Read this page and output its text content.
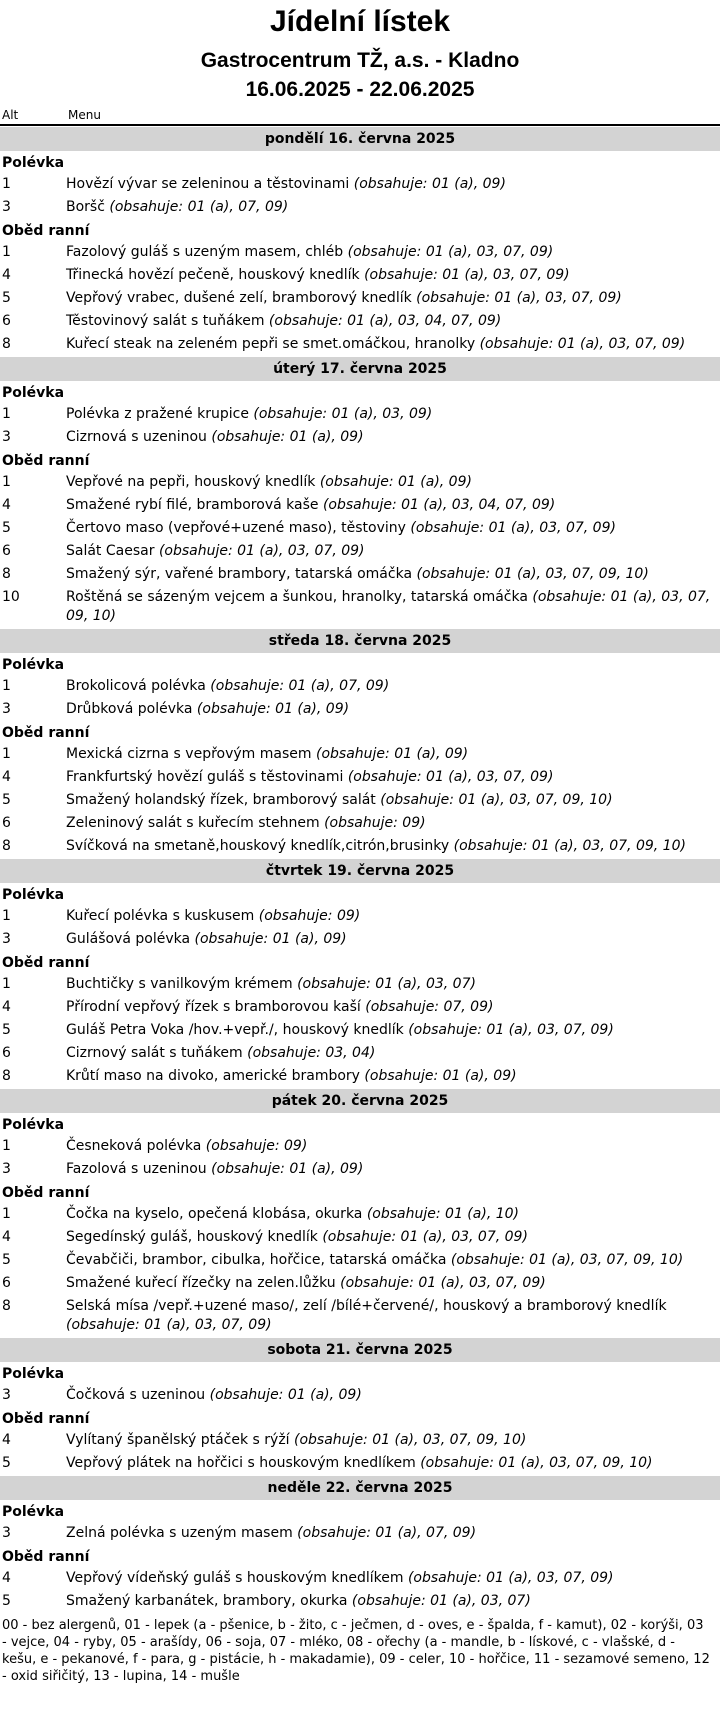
Jídelní lístek
Gastrocentrum TŽ, a.s. - Kladno
16.06.2025 - 22.06.2025
Alt	Menu
pondělí 16. června 2025
Polévka
1	Hovězí vývar se zeleninou a těstovinami (obsahuje: 01 (a), 09)
3	Boršč (obsahuje: 01 (a), 07, 09)
Oběd ranní
1	Fazolový guláš s uzeným masem, chléb (obsahuje: 01 (a), 03, 07, 09)
4	Třinecká hovězí pečeně, houskový knedlík (obsahuje: 01 (a), 03, 07, 09)
5	Vepřový vrabec, dušené zelí, bramborový knedlík (obsahuje: 01 (a), 03, 07, 09)
6	Těstovinový salát s tuňákem (obsahuje: 01 (a), 03, 04, 07, 09)
8	Kuřecí steak na zeleném pepři se smet.omáčkou, hranolky (obsahuje: 01 (a), 03, 07, 09)
úterý 17. června 2025
Polévka
1	Polévka z pražené krupice (obsahuje: 01 (a), 03, 09)
3	Cizrnová s uzeninou (obsahuje: 01 (a), 09)
Oběd ranní
1	Vepřové na pepři, houskový knedlík (obsahuje: 01 (a), 09)
4	Smažené rybí filé, bramborová kaše (obsahuje: 01 (a), 03, 04, 07, 09)
5	Čertovo maso (vepřové+uzené maso), těstoviny (obsahuje: 01 (a), 03, 07, 09)
6	Salát Caesar (obsahuje: 01 (a), 03, 07, 09)
8	Smažený sýr, vařené brambory, tatarská omáčka (obsahuje: 01 (a), 03, 07, 09, 10)
10	Roštěná se sázeným vejcem a šunkou, hranolky, tatarská omáčka (obsahuje: 01 (a), 03, 07, 09, 10)
středa 18. června 2025
Polévka
1	Brokolicová polévka (obsahuje: 01 (a), 07, 09)
3	Drůbková polévka (obsahuje: 01 (a), 09)
Oběd ranní
1	Mexická cizrna s vepřovým masem (obsahuje: 01 (a), 09)
4	Frankfurtský hovězí guláš s těstovinami (obsahuje: 01 (a), 03, 07, 09)
5	Smažený holandský řízek, bramborový salát (obsahuje: 01 (a), 03, 07, 09, 10)
6	Zeleninový salát s kuřecím stehnem (obsahuje: 09)
8	Svíčková na smetaně,houskový knedlík,citrón,brusinky (obsahuje: 01 (a), 03, 07, 09, 10)
čtvrtek 19. června 2025
Polévka
1	Kuřecí polévka s kuskusem (obsahuje: 09)
3	Gulášová polévka (obsahuje: 01 (a), 09)
Oběd ranní
1	Buchtičky s vanilkovým krémem (obsahuje: 01 (a), 03, 07)
4	Přírodní vepřový řízek s bramborovou kaší (obsahuje: 07, 09)
5	Guláš Petra Voka /hov.+vepř./, houskový knedlík (obsahuje: 01 (a), 03, 07, 09)
6	Cizrnový salát s tuňákem (obsahuje: 03, 04)
8	Krůtí maso na divoko, americké brambory (obsahuje: 01 (a), 09)
pátek 20. června 2025
Polévka
1	Česneková polévka (obsahuje: 09)
3	Fazolová s uzeninou (obsahuje: 01 (a), 09)
Oběd ranní
1	Čočka na kyselo, opečená klobása, okurka (obsahuje: 01 (a), 10)
4	Segedínský guláš, houskový knedlík (obsahuje: 01 (a), 03, 07, 09)
5	Čevabčiči, brambor, cibulka, hořčice, tatarská omáčka (obsahuje: 01 (a), 03, 07, 09, 10)
6	Smažené kuřecí řízečky na zelen.lůžku (obsahuje: 01 (a), 03, 07, 09)
8	Selská mísa /vepř.+uzené maso/, zelí /bílé+červené/, houskový a bramborový knedlík (obsahuje: 01 (a), 03, 07, 09)
sobota 21. června 2025
Polévka
3	Čočková s uzeninou (obsahuje: 01 (a), 09)
Oběd ranní
4	Vylítaný španělský ptáček s rýží (obsahuje: 01 (a), 03, 07, 09, 10)
5	Vepřový plátek na hořčici s houskovým knedlíkem (obsahuje: 01 (a), 03, 07, 09, 10)
neděle 22. června 2025
Polévka
3	Zelná polévka s uzeným masem (obsahuje: 01 (a), 07, 09)
Oběd ranní
4	Vepřový vídeňský guláš s houskovým knedlíkem (obsahuje: 01 (a), 03, 07, 09)
5	Smažený karbanátek, brambory, okurka (obsahuje: 01 (a), 03, 07)
00 - bez alergenů, 01 - lepek (a - pšenice, b - žito, c - ječmen, d - oves, e - špalda, f - kamut), 02 - korýši, 03 - vejce, 04 - ryby, 05 - arašídy, 06 - soja, 07 - mléko, 08 - ořechy (a - mandle, b - lískové, c - vlašské, d - kešu, e - pekanové, f - para, g - pistácie, h - makadamie), 09 - celer, 10 - hořčice, 11 - sezamové semeno, 12 - oxid siřičitý, 13 - lupina, 14 - mušle
